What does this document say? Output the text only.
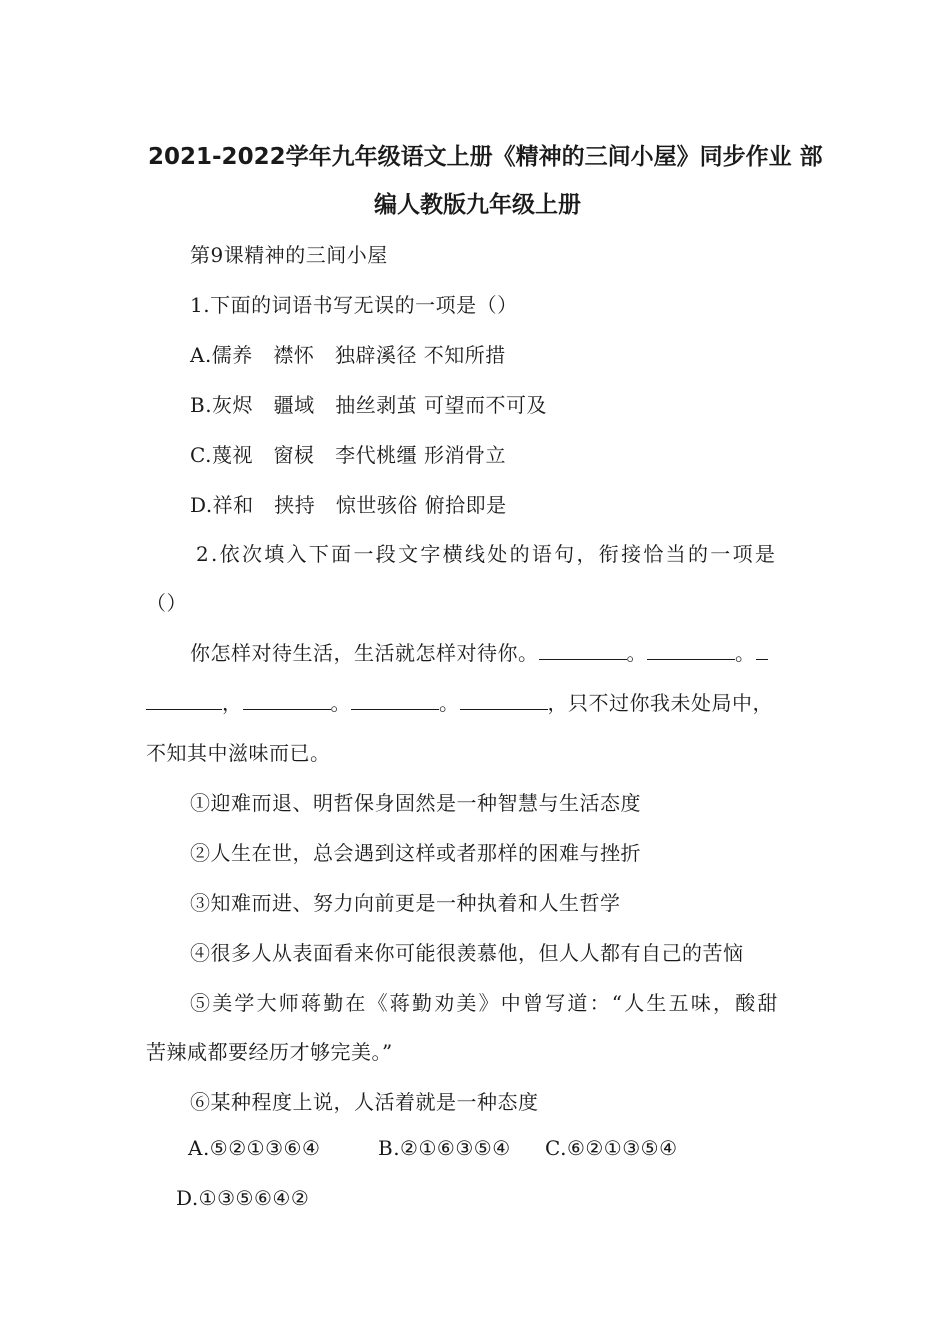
2021-2022学年九年级语文上册《精神的三间小屋》同步作业 部
编人教版九年级上册
第9课精神的三间小屋
1.下面的词语书写无误的一项是（）
A.儒养   襟怀   独辟溪径 不知所措
B.灰烬   疆域   抽丝剥茧 可望而不可及
C.蔑视   窗棂   李代桃缰 形消骨立
D.祥和   挟持   惊世骇俗 俯拾即是
2.依次填入下面一段文字横线处的语句，衔接恰当的一项是
（）
你怎样对待生活，生活就怎样对待你。	。	。
，	。	。	，只不过你我未处局中，
不知其中滋味而已。
①迎难而退、明哲保身固然是一种智慧与生活态度
②人生在世，总会遇到这样或者那样的困难与挫折
③知难而进、努力向前更是一种执着和人生哲学
④很多人从表面看来你可能很羡慕他，但人人都有自己的苦恼
⑤美学大师蒋勤在《蒋勤劝美》中曾写道：“人生五味，酸甜
苦辣咸都要经历才够完美。”
⑥某种程度上说，人活着就是一种态度
A.⑤②①③⑥④	B.②①⑥③⑤④ C.⑥②①③⑤④
D.①③⑤⑥④②
